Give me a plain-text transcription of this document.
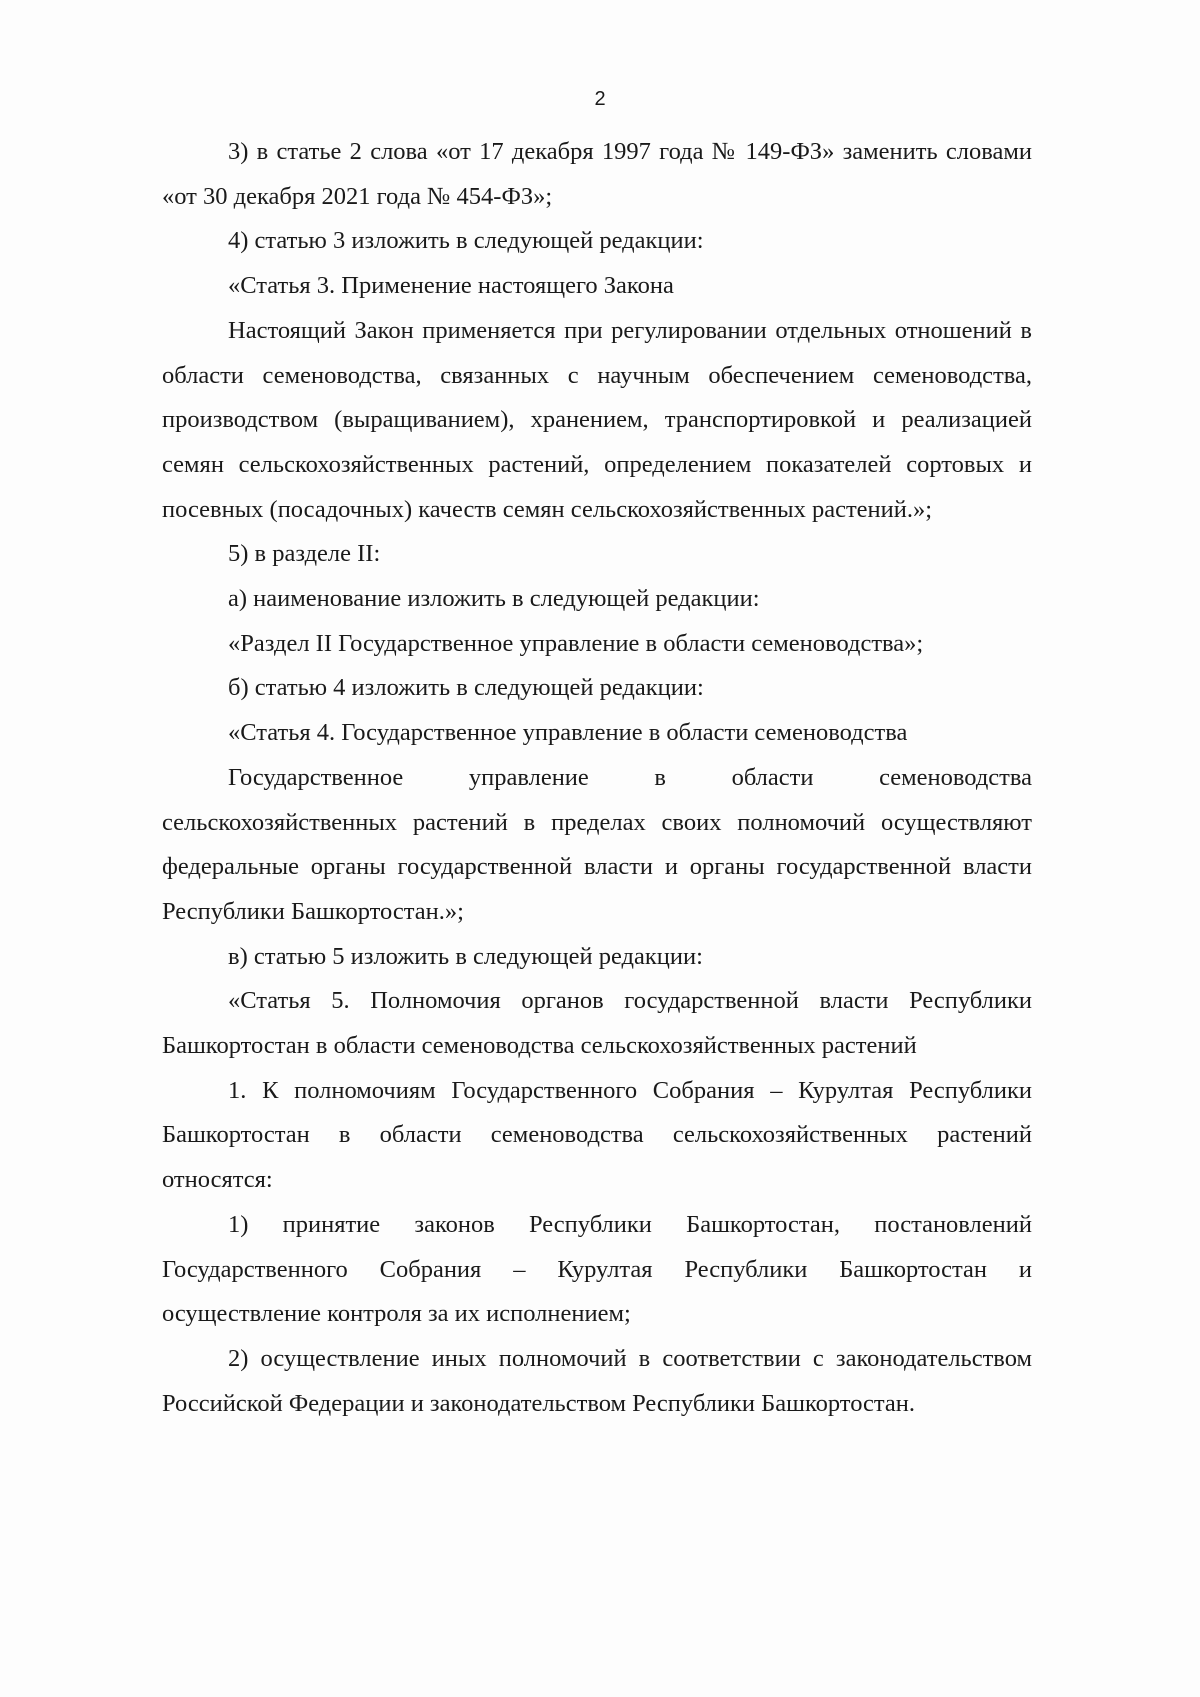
2

3) в статье 2 слова «от 17 декабря 1997 года № 149-ФЗ» заменить словами «от 30 декабря 2021 года № 454-ФЗ»;

4) статью 3 изложить в следующей редакции:

«Статья 3. Применение настоящего Закона

Настоящий Закон применяется при регулировании отдельных отношений в области семеноводства, связанных с научным обеспечением семеноводства, производством (выращиванием), хранением, транспортировкой и реализацией семян сельскохозяйственных растений, определением показателей сортовых и посевных (посадочных) качеств семян сельскохозяйственных растений.»;

5) в разделе II:

а) наименование изложить в следующей редакции:

«Раздел II Государственное управление в области семеноводства»;

б) статью 4 изложить в следующей редакции:

«Статья 4. Государственное управление в области семеноводства

Государственное управление в области семеноводства сельскохозяйственных растений в пределах своих полномочий осуществляют федеральные органы государственной власти и органы государственной власти Республики Башкортостан.»;

в) статью 5 изложить в следующей редакции:

«Статья 5. Полномочия органов государственной власти Республики Башкортостан в области семеноводства сельскохозяйственных растений

1. К полномочиям Государственного Собрания – Курултая Республики Башкортостан в области семеноводства сельскохозяйственных растений относятся:

1) принятие законов Республики Башкортостан, постановлений Государственного Собрания – Курултая Республики Башкортостан и осуществление контроля за их исполнением;

2) осуществление иных полномочий в соответствии с законодательством Российской Федерации и законодательством Республики Башкортостан.
